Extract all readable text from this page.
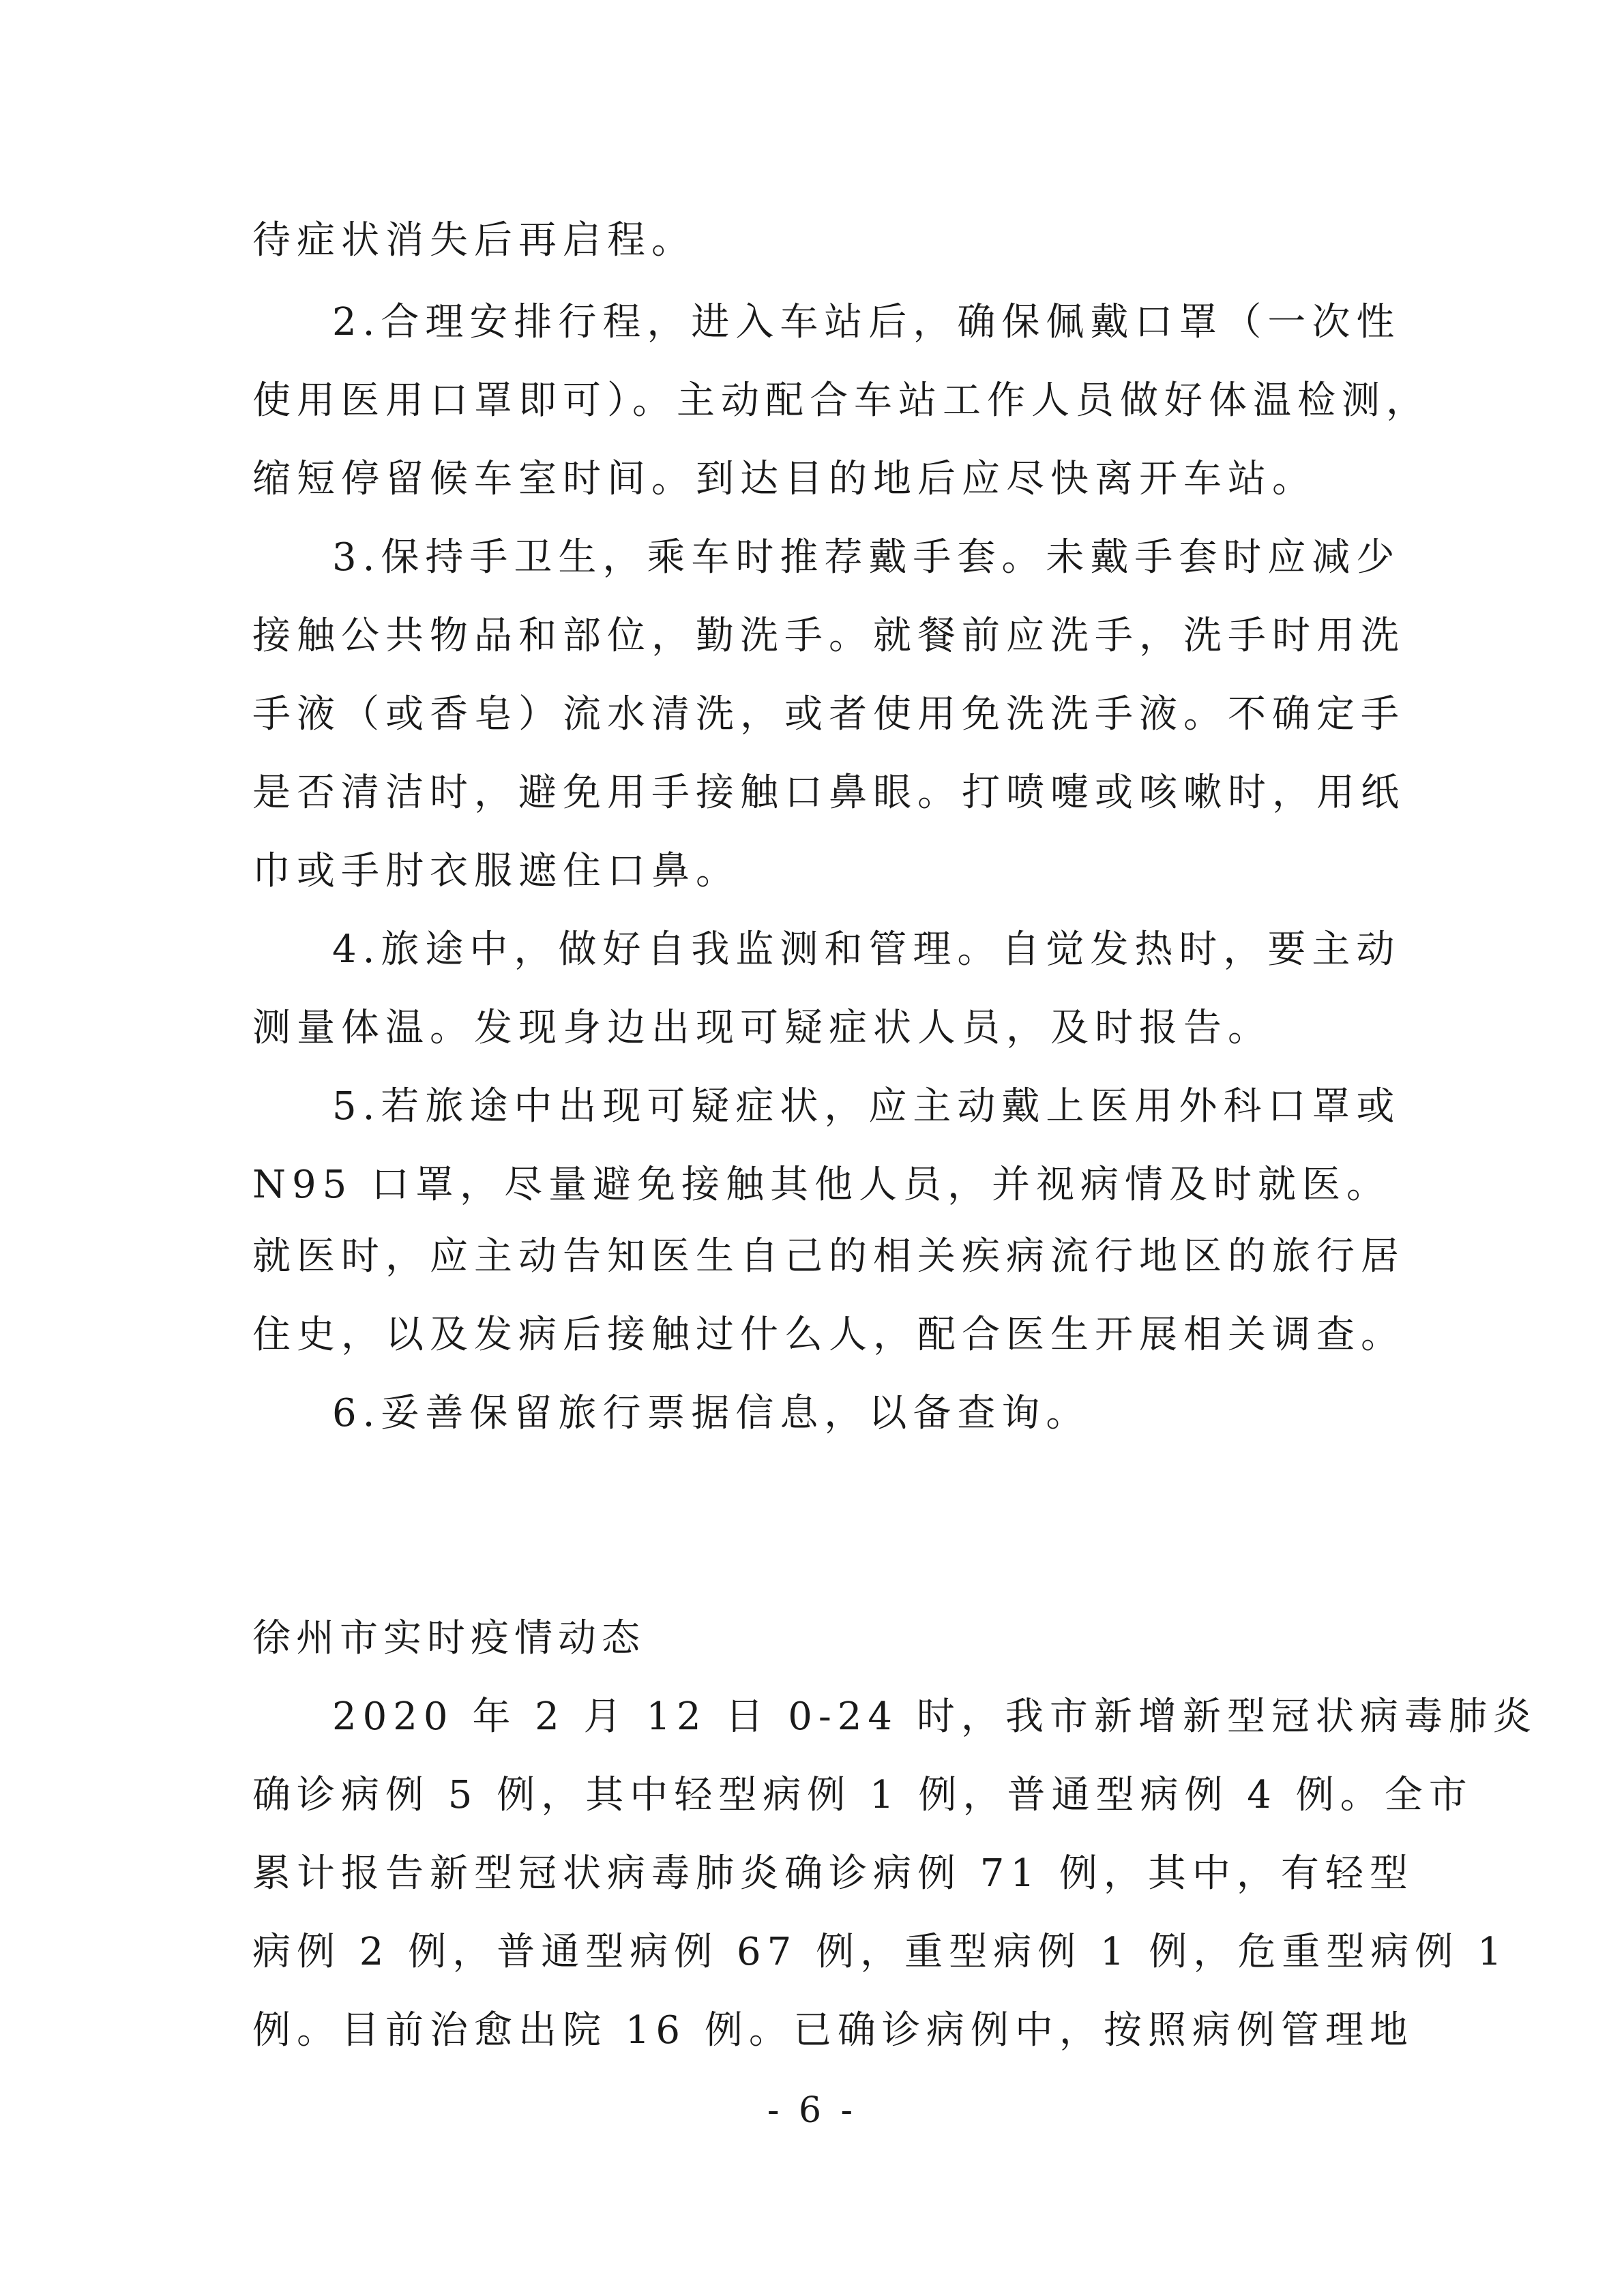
待症状消失后再启程。
2.合理安排行程，进入车站后，确保佩戴口罩（一次性
使用医用口罩即可）。主动配合车站工作人员做好体温检测，
缩短停留候车室时间。到达目的地后应尽快离开车站。
3.保持手卫生，乘车时推荐戴手套。未戴手套时应减少
接触公共物品和部位，勤洗手。就餐前应洗手，洗手时用洗
手液（或香皂）流水清洗，或者使用免洗洗手液。不确定手
是否清洁时，避免用手接触口鼻眼。打喷嚏或咳嗽时，用纸
巾或手肘衣服遮住口鼻。
4.旅途中，做好自我监测和管理。自觉发热时，要主动
测量体温。发现身边出现可疑症状人员，及时报告。
5.若旅途中出现可疑症状，应主动戴上医用外科口罩或
N95 口罩，尽量避免接触其他人员，并视病情及时就医。
就医时，应主动告知医生自己的相关疾病流行地区的旅行居
住史，以及发病后接触过什么人，配合医生开展相关调查。
6.妥善保留旅行票据信息，以备查询。
徐州市实时疫情动态
2020 年 2 月 12 日 0-24 时，我市新增新型冠状病毒肺炎
确诊病例 5 例，其中轻型病例 1 例，普通型病例 4 例。全市
累计报告新型冠状病毒肺炎确诊病例 71 例，其中，有轻型
病例 2 例，普通型病例 67 例，重型病例 1 例，危重型病例 1
例。目前治愈出院 16 例。已确诊病例中，按照病例管理地
- 6 -
